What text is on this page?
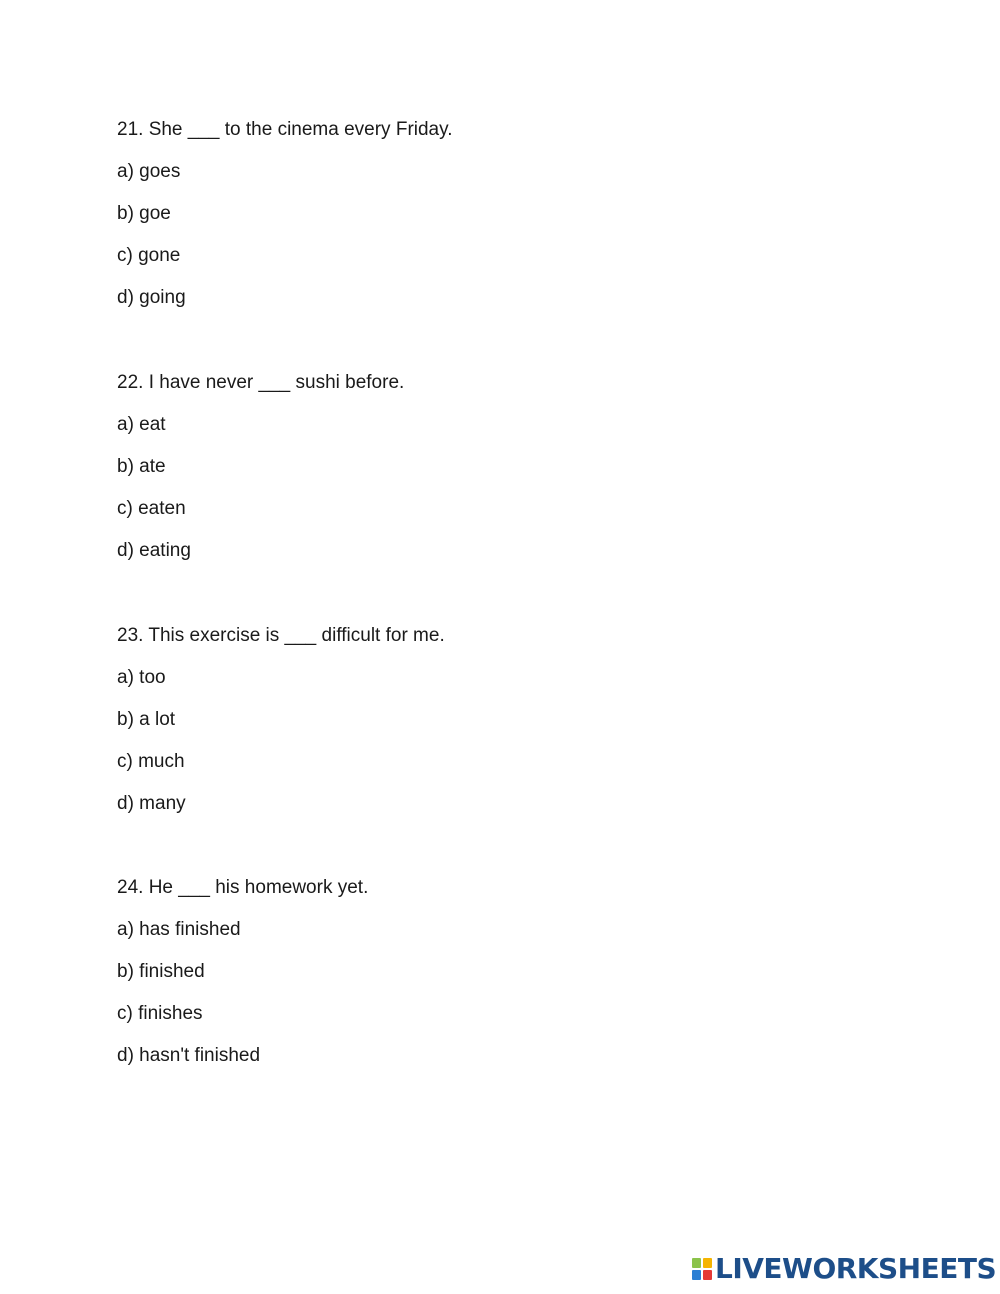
21. She ___ to the cinema every Friday.
a) goes
b) goe
c) gone
d) going
22. I have never ___ sushi before.
a) eat
b) ate
c) eaten
d) eating
23. This exercise is ___ difficult for me.
a) too
b) a lot
c) much
d) many
24. He ___ his homework yet.
a) has finished
b) finished
c) finishes
d) hasn't finished
LIVEWORKSHEETS
